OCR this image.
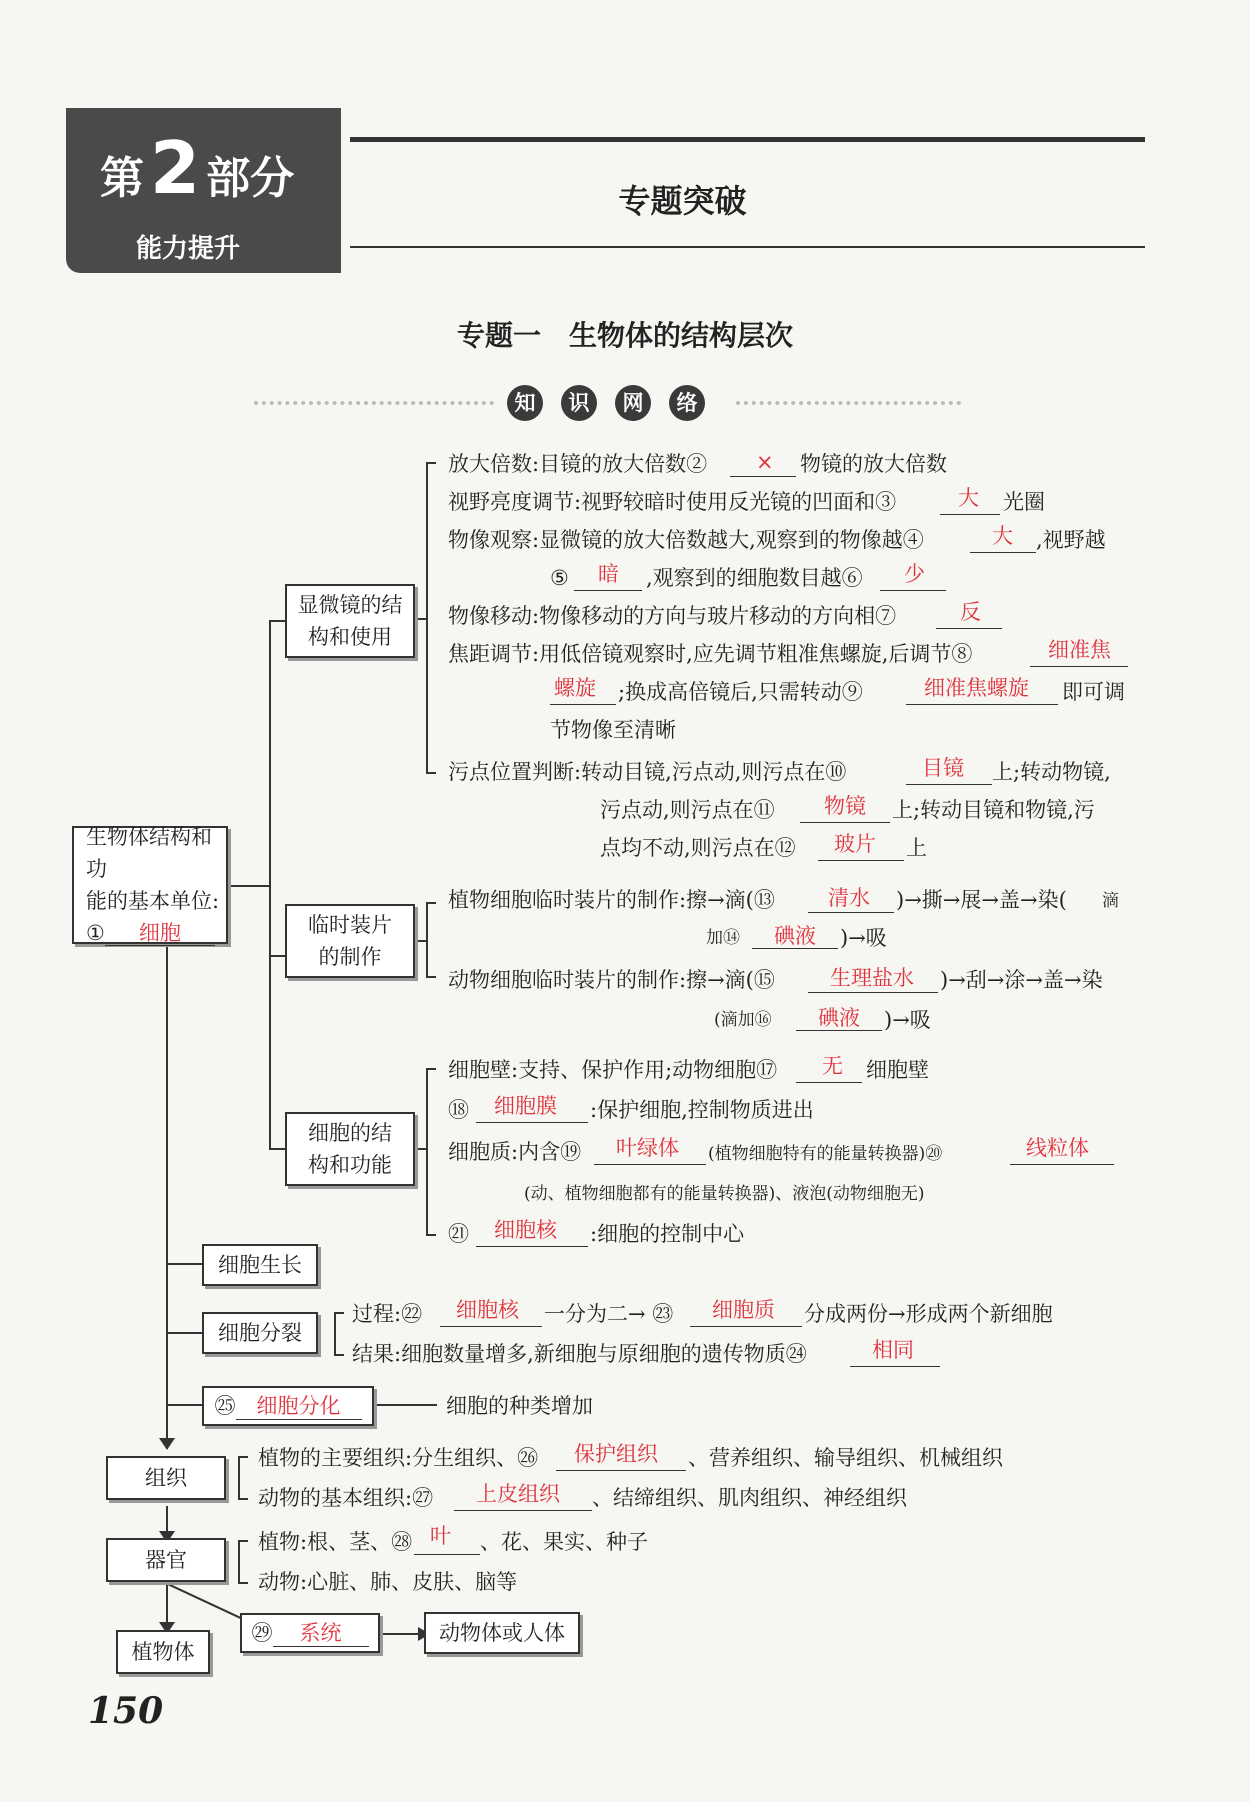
第2 部分
能力提升
专题突破
专题一　生物体的结构层次
知	识	网	络
生物体结构和功
能的基本单位:
① 细胞
显微镜的结
构和使用
临时装片
的制作
细胞的结
构和功能
细胞生长
细胞分裂
㉕	细胞分化	细胞的种类增加
组织
器官
植物体
㉙	系统	动物体或人体
放大倍数:目镜的放大倍数② × 物镜的放大倍数
视野亮度调节:视野较暗时使用反光镜的凹面和③	大 光圈
物像观察:显微镜的放大倍数越大,观察到的物像越④	大 ,视野越
⑤ 暗 ,观察到的细胞数目越⑥ 少
物像移动:物像移动的方向与玻片移动的方向相⑦	反
焦距调节:用低倍镜观察时,应先调节粗准焦螺旋,后调节⑧	细准焦
螺旋 ;换成高倍镜后,只需转动⑨	细准焦螺旋 即可调
节物像至清晰
污点位置判断:转动目镜,污点动,则污点在⑩	目镜 上;转动物镜,
污点动,则污点在⑪ 物镜 上;转动目镜和物镜,污
点均不动,则污点在⑫ 玻片 上
植物细胞临时装片的制作:擦→滴(⑬	清水 )→撕→展→盖→染( 滴
加⑭ 碘液 )→吸
动物细胞临时装片的制作:擦→滴(⑮	生理盐水 )→刮→涂→盖→染
(滴加⑯ 碘液 )→吸
细胞壁:支持、保护作用;动物细胞⑰ 无 细胞壁
⑱ 细胞膜 :保护细胞,控制物质进出
细胞质:内含⑲ 叶绿体 (植物细胞特有的能量转换器)⑳	线粒体
(动、植物细胞都有的能量转换器)、液泡(动物细胞无)
㉑ 细胞核 :细胞的控制中心
过程:㉒ 细胞核 一分为二→ ㉓ 细胞质 分成两份→形成两个新细胞
结果:细胞数量增多,新细胞与原细胞的遗传物质㉔	相同
植物的主要组织:分生组织、㉖ 保护组织 、营养组织、输导组织、机械组织
动物的基本组织:㉗ 上皮组织 、结缔组织、肌肉组织、神经组织
植物:根、茎、㉘ 叶 、花、果实、种子
动物:心脏、肺、皮肤、脑等
150
